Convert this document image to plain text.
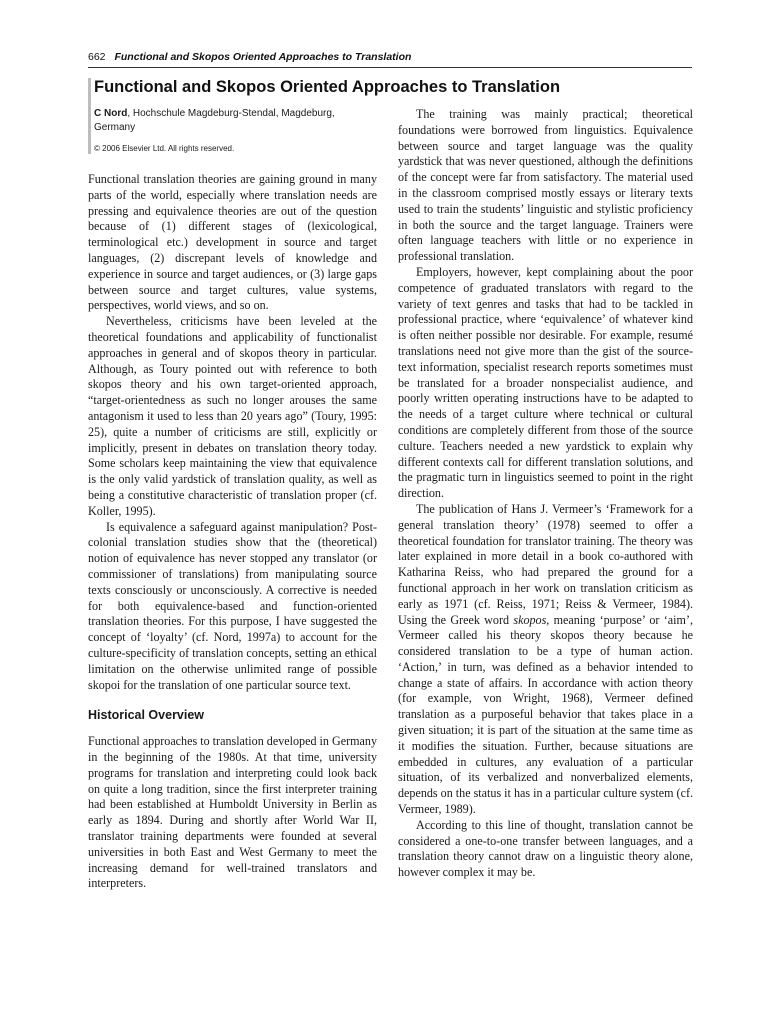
662 Functional and Skopos Oriented Approaches to Translation
Functional and Skopos Oriented Approaches to Translation
C Nord, Hochschule Magdeburg-Stendal, Magdeburg, Germany
© 2006 Elsevier Ltd. All rights reserved.

Functional translation theories are gaining ground in many parts of the world, especially where translation needs are pressing and equivalence theories are out of the question because of (1) different stages of (lexicological, terminological etc.) development in source and target languages, (2) discrepant levels of knowledge and experience in source and target audiences, or (3) large gaps between source and target cultures, value systems, perspectives, world views, and so on.

Nevertheless, criticisms have been leveled at the theoretical foundations and applicability of functionalist approaches in general and of skopos theory in particular. Although, as Toury pointed out with reference to both skopos theory and his own target-oriented approach, “target-orientedness as such no longer arouses the same antagonism it used to less than 20 years ago” (Toury, 1995: 25), quite a number of criticisms are still, explicitly or implicitly, present in debates on translation theory today. Some scholars keep maintaining the view that equivalence is the only valid yardstick of translation quality, as well as being a constitutive characteristic of translation proper (cf. Koller, 1995).

Is equivalence a safeguard against manipulation? Post-colonial translation studies show that the (theoretical) notion of equivalence has never stopped any translator (or commissioner of translations) from manipulating source texts consciously or unconsciously. A corrective is needed for both equivalence-based and function-oriented translation theories. For this purpose, I have suggested the concept of ‘loyalty’ (cf. Nord, 1997a) to account for the culture-specificity of translation concepts, setting an ethical limitation on the otherwise unlimited range of possible skopoi for the translation of one particular source text.

Historical Overview

Functional approaches to translation developed in Germany in the beginning of the 1980s. At that time, university programs for translation and interpreting could look back on quite a long tradition, since the first interpreter training had been established at Humboldt University in Berlin as early as 1894. During and shortly after World War II, translator training departments were founded at several universities in both East and West Germany to meet the increasing demand for well-trained translators and interpreters.

The training was mainly practical; theoretical foundations were borrowed from linguistics. Equivalence between source and target language was the quality yardstick that was never questioned, although the definitions of the concept were far from satisfactory. The material used in the classroom comprised mostly essays or literary texts used to train the students’ linguistic and stylistic proficiency in both the source and the target language. Trainers were often language teachers with little or no experience in professional translation.

Employers, however, kept complaining about the poor competence of graduated translators with regard to the variety of text genres and tasks that had to be tackled in professional practice, where ‘equivalence’ of whatever kind is often neither possible nor desirable. For example, resumé translations need not give more than the gist of the source-text information, specialist research reports sometimes must be translated for a broader nonspecialist audience, and poorly written operating instructions have to be adapted to the needs of a target culture where technical or cultural conditions are completely different from those of the source culture. Teachers needed a new yardstick to explain why different contexts call for different translation solutions, and the pragmatic turn in linguistics seemed to point in the right direction.

The publication of Hans J. Vermeer’s ‘Framework for a general translation theory’ (1978) seemed to offer a theoretical foundation for translator training. The theory was later explained in more detail in a book co-authored with Katharina Reiss, who had prepared the ground for a functional approach in her work on translation criticism as early as 1971 (cf. Reiss, 1971; Reiss & Vermeer, 1984). Using the Greek word skopos, meaning ‘purpose’ or ‘aim’, Vermeer called his theory skopos theory because he considered translation to be a type of human action. ‘Action,’ in turn, was defined as a behavior intended to change a state of affairs. In accordance with action theory (for example, von Wright, 1968), Vermeer defined translation as a purposeful behavior that takes place in a given situation; it is part of the situation at the same time as it modifies the situation. Further, because situations are embedded in cultures, any evaluation of a particular situation, of its verbalized and nonverbalized elements, depends on the status it has in a particular culture system (cf. Vermeer, 1989).

According to this line of thought, translation cannot be considered a one-to-one transfer between languages, and a translation theory cannot draw on a linguistic theory alone, however complex it may be.
